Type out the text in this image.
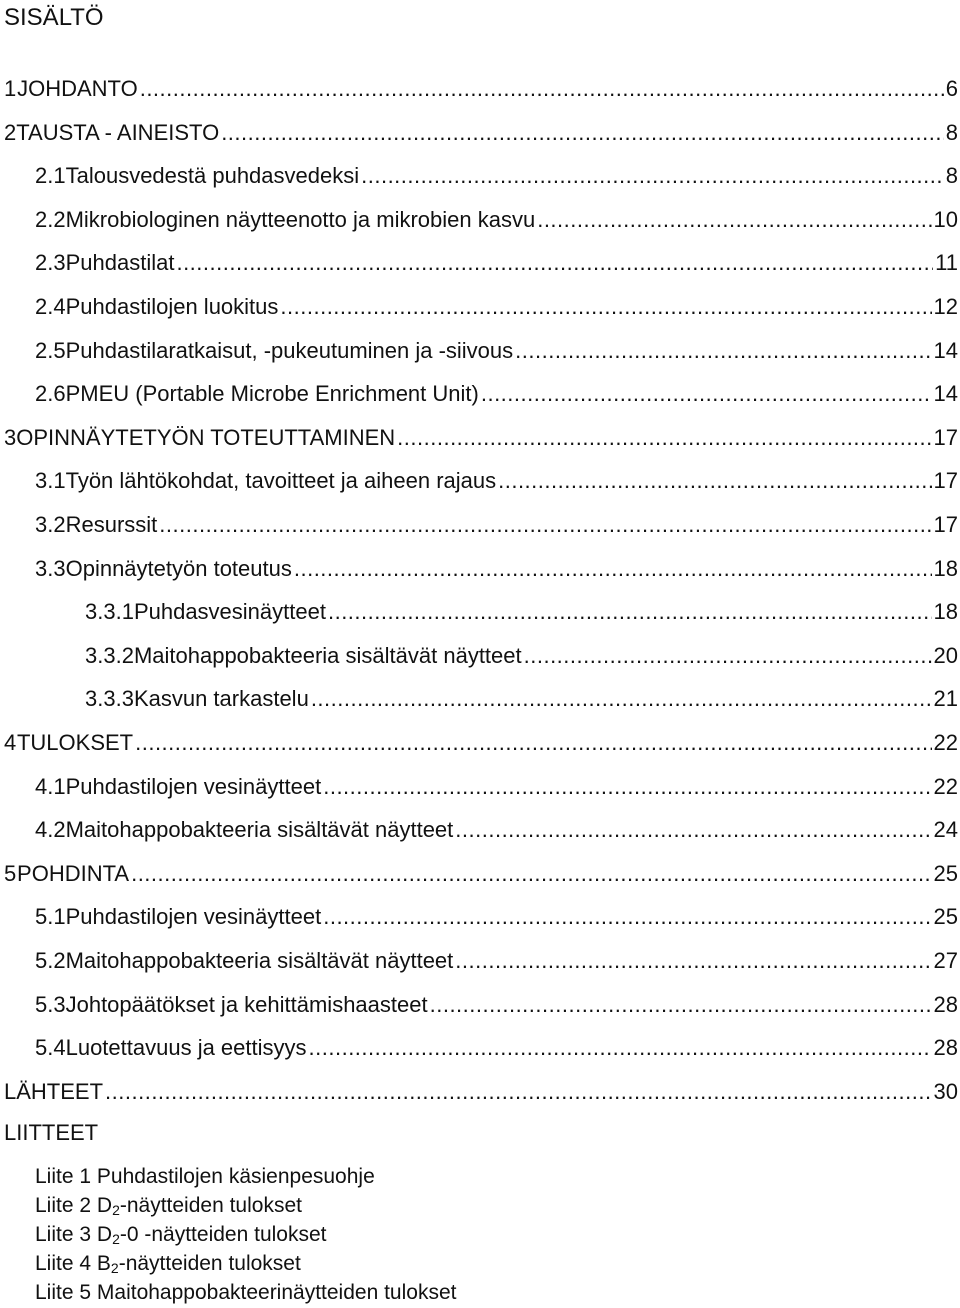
SISÄLTÖ
1 JOHDANTO .....	6
2 TAUSTA - AINEISTO .....	8
2.1 Talousvedestä puhdasvedeksi .....	8
2.2 Mikrobiologinen näytteenotto ja mikrobien kasvu .....	10
2.3 Puhdastilat .....	11
2.4 Puhdastilojen luokitus .....	12
2.5 Puhdastilaratkaisut, -pukeutuminen ja -siivous .....	14
2.6 PMEU (Portable Microbe Enrichment Unit) .....	14
3 OPINNÄYTETYÖN TOTEUTTAMINEN .....	17
3.1 Työn lähtökohdat, tavoitteet ja aiheen rajaus .....	17
3.2 Resurssit .....	17
3.3 Opinnäytetyön toteutus .....	18
3.3.1 Puhdasvesinäytteet .....	18
3.3.2 Maitohappobakteeria sisältävät näytteet .....	20
3.3.3 Kasvun tarkastelu .....	21
4 TULOKSET .....	22
4.1 Puhdastilojen vesinäytteet .....	22
4.2 Maitohappobakteeria sisältävät näytteet .....	24
5 POHDINTA .....	25
5.1 Puhdastilojen vesinäytteet .....	25
5.2 Maitohappobakteeria sisältävät näytteet .....	27
5.3 Johtopäätökset ja kehittämishaasteet .....	28
5.4 Luotettavuus ja eettisyys .....	28
LÄHTEET .....	30
LIITTEET
Liite 1 Puhdastilojen käsienpesuohje
Liite 2 $D_2$-näytteiden tulokset
Liite 3 $D_2-0$ -näytteiden tulokset
Liite 4 $B_2$-näytteiden tulokset
Liite 5 Maitohappobakteerinäytteiden tulokset
